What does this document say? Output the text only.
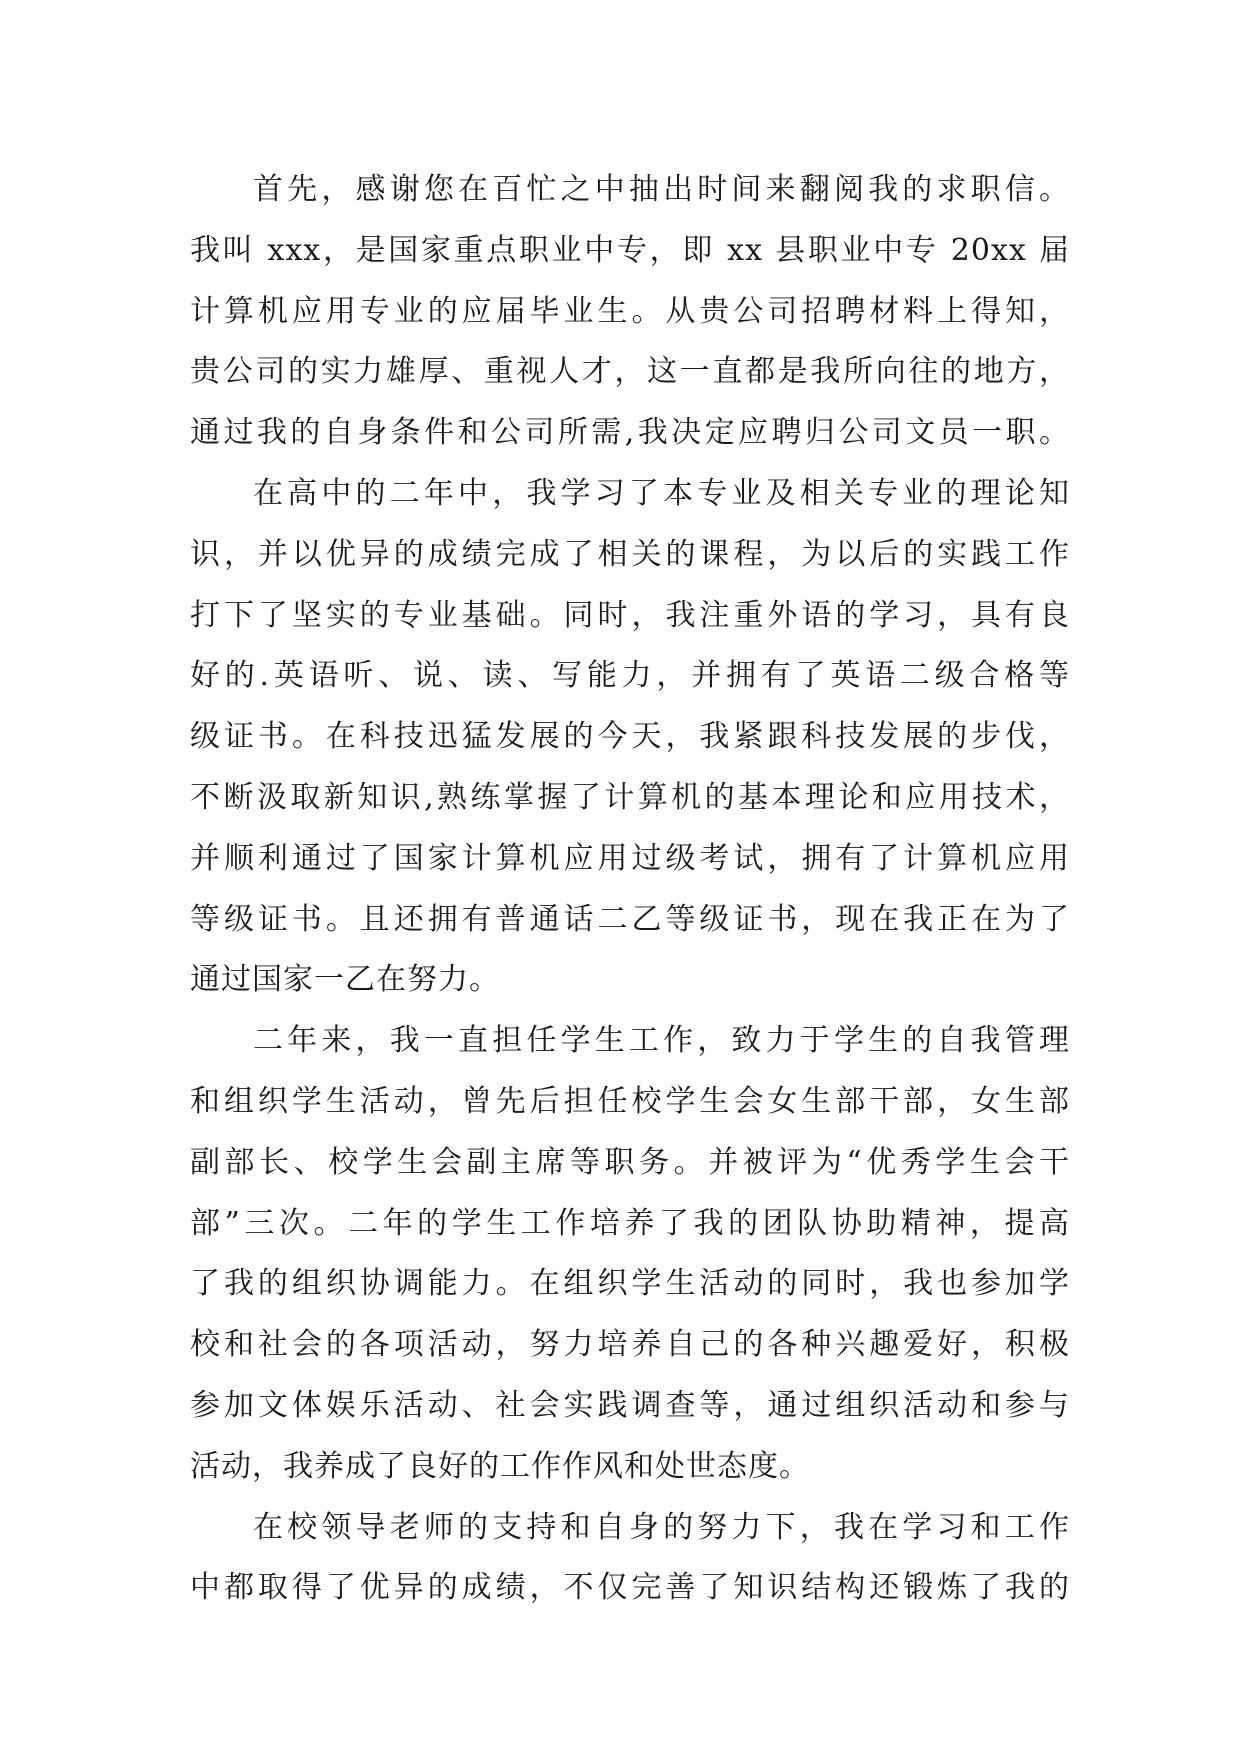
首先，感谢您在百忙之中抽出时间来翻阅我的求职信。
我叫 xxx，是国家重点职业中专，即 xx 县职业中专 20xx 届
计算机应用专业的应届毕业生。从贵公司招聘材料上得知，
贵公司的实力雄厚、重视人才，这一直都是我所向往的地方，
通过我的自身条件和公司所需,我决定应聘归公司文员一职。
在高中的二年中，我学习了本专业及相关专业的理论知
识，并以优异的成绩完成了相关的课程，为以后的实践工作
打下了坚实的专业基础。同时，我注重外语的学习，具有良
好的.英语听、说、读、写能力，并拥有了英语二级合格等
级证书。在科技迅猛发展的今天，我紧跟科技发展的步伐，
不断汲取新知识,熟练掌握了计算机的基本理论和应用技术，
并顺利通过了国家计算机应用过级考试，拥有了计算机应用
等级证书。且还拥有普通话二乙等级证书，现在我正在为了
通过国家一乙在努力。
二年来，我一直担任学生工作，致力于学生的自我管理
和组织学生活动，曾先后担任校学生会女生部干部，女生部
副部长、校学生会副主席等职务。并被评为“优秀学生会干
部”三次。二年的学生工作培养了我的团队协助精神，提高
了我的组织协调能力。在组织学生活动的同时，我也参加学
校和社会的各项活动，努力培养自己的各种兴趣爱好，积极
参加文体娱乐活动、社会实践调查等，通过组织活动和参与
活动，我养成了良好的工作作风和处世态度。
在校领导老师的支持和自身的努力下，我在学习和工作
中都取得了优异的成绩，不仅完善了知识结构还锻炼了我的
